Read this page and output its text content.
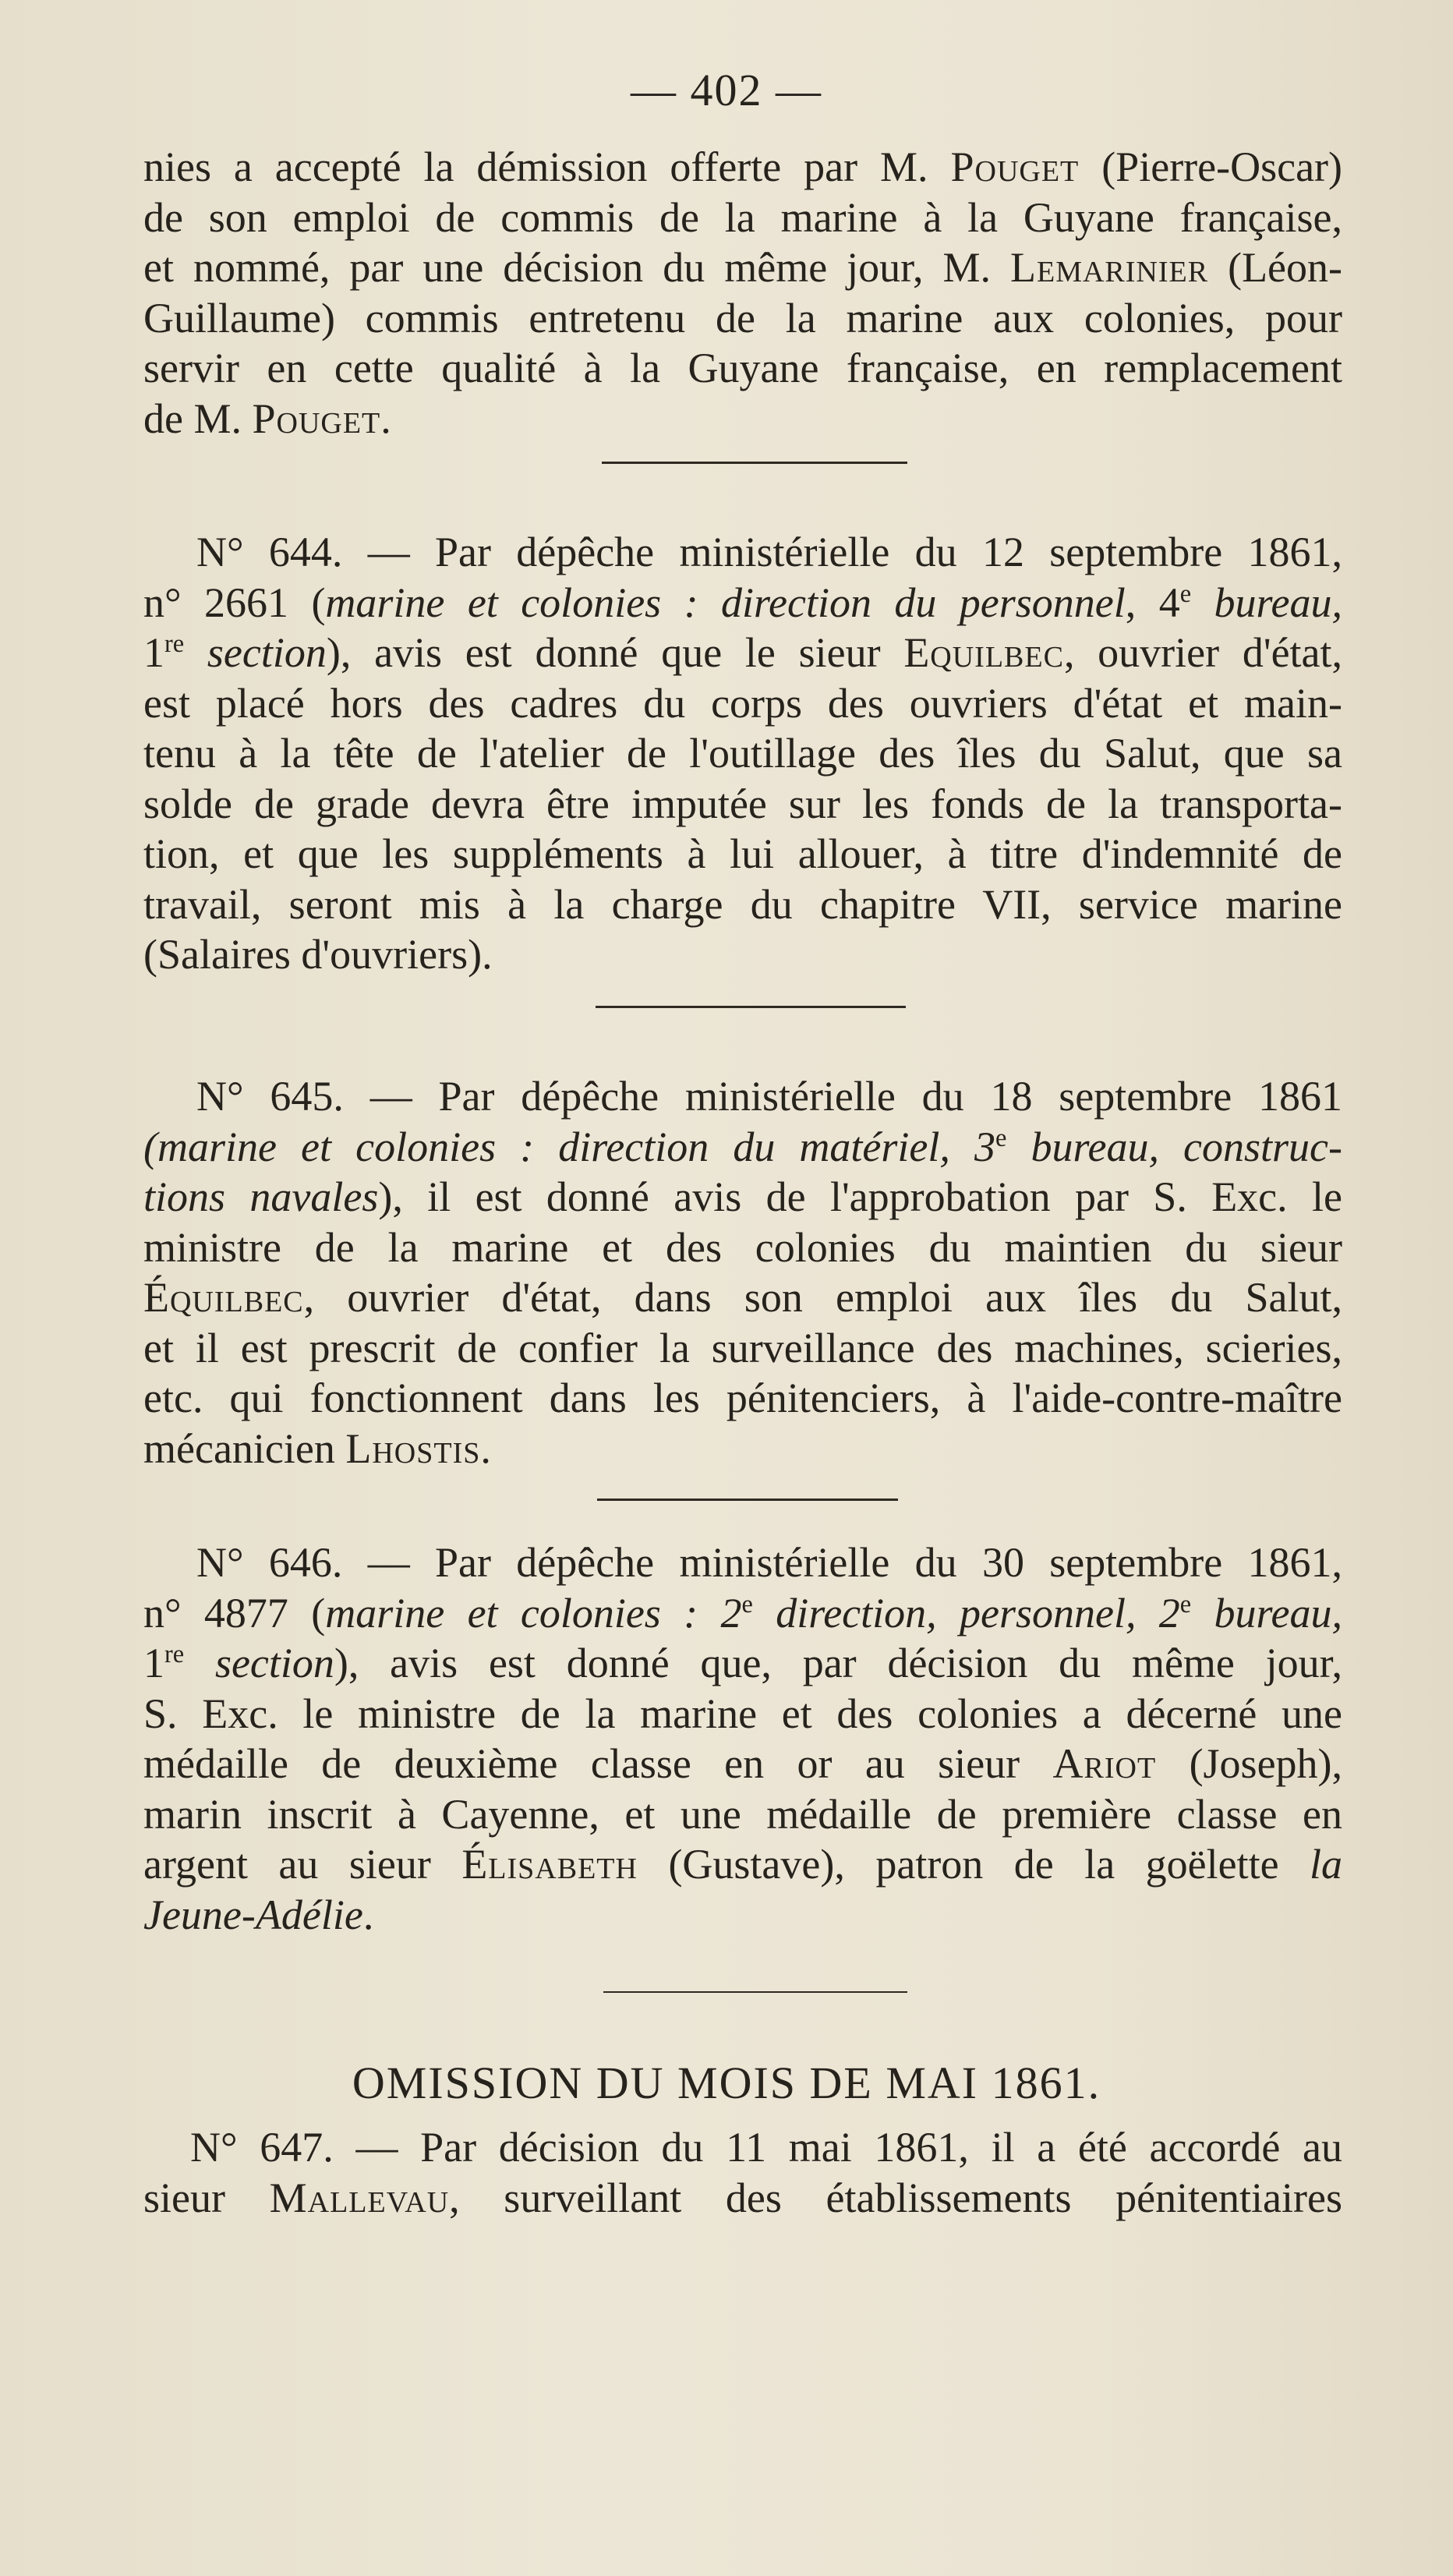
— 402 —
nies a accepté la démission offerte par M. Pouget (Pierre-Oscar)
de son emploi de commis de la marine à la Guyane française,
et nommé, par une décision du même jour, M. Lemarinier (Léon-
Guillaume) commis entretenu de la marine aux colonies, pour
servir en cette qualité à la Guyane française, en remplacement
de M. Pouget.
N° 644. — Par dépêche ministérielle du 12 septembre 1861,
n° 2661 (marine et colonies : direction du personnel, 4e bureau,
1re section), avis est donné que le sieur Equilbec, ouvrier d'état,
est placé hors des cadres du corps des ouvriers d'état et main-
tenu à la tête de l'atelier de l'outillage des îles du Salut, que sa
solde de grade devra être imputée sur les fonds de la transporta-
tion, et que les suppléments à lui allouer, à titre d'indemnité de
travail, seront mis à la charge du chapitre VII, service marine
(Salaires d'ouvriers).
N° 645. — Par dépêche ministérielle du 18 septembre 1861
(marine et colonies : direction du matériel, 3e bureau, construc-
tions navales), il est donné avis de l'approbation par S. Exc. le
ministre de la marine et des colonies du maintien du sieur
Équilbec, ouvrier d'état, dans son emploi aux îles du Salut,
et il est prescrit de confier la surveillance des machines, scieries,
etc. qui fonctionnent dans les pénitenciers, à l'aide-contre-maître
mécanicien Lhostis.
N° 646. — Par dépêche ministérielle du 30 septembre 1861,
n° 4877 (marine et colonies : 2e direction, personnel, 2e bureau,
1re section), avis est donné que, par décision du même jour,
S. Exc. le ministre de la marine et des colonies a décerné une
médaille de deuxième classe en or au sieur Ariot (Joseph),
marin inscrit à Cayenne, et une médaille de première classe en
argent au sieur Élisabeth (Gustave), patron de la goëlette la
Jeune-Adélie.
OMISSION DU MOIS DE MAI 1861.
N° 647. — Par décision du 11 mai 1861, il a été accordé au
sieur Mallevau, surveillant des établissements pénitentiaires
